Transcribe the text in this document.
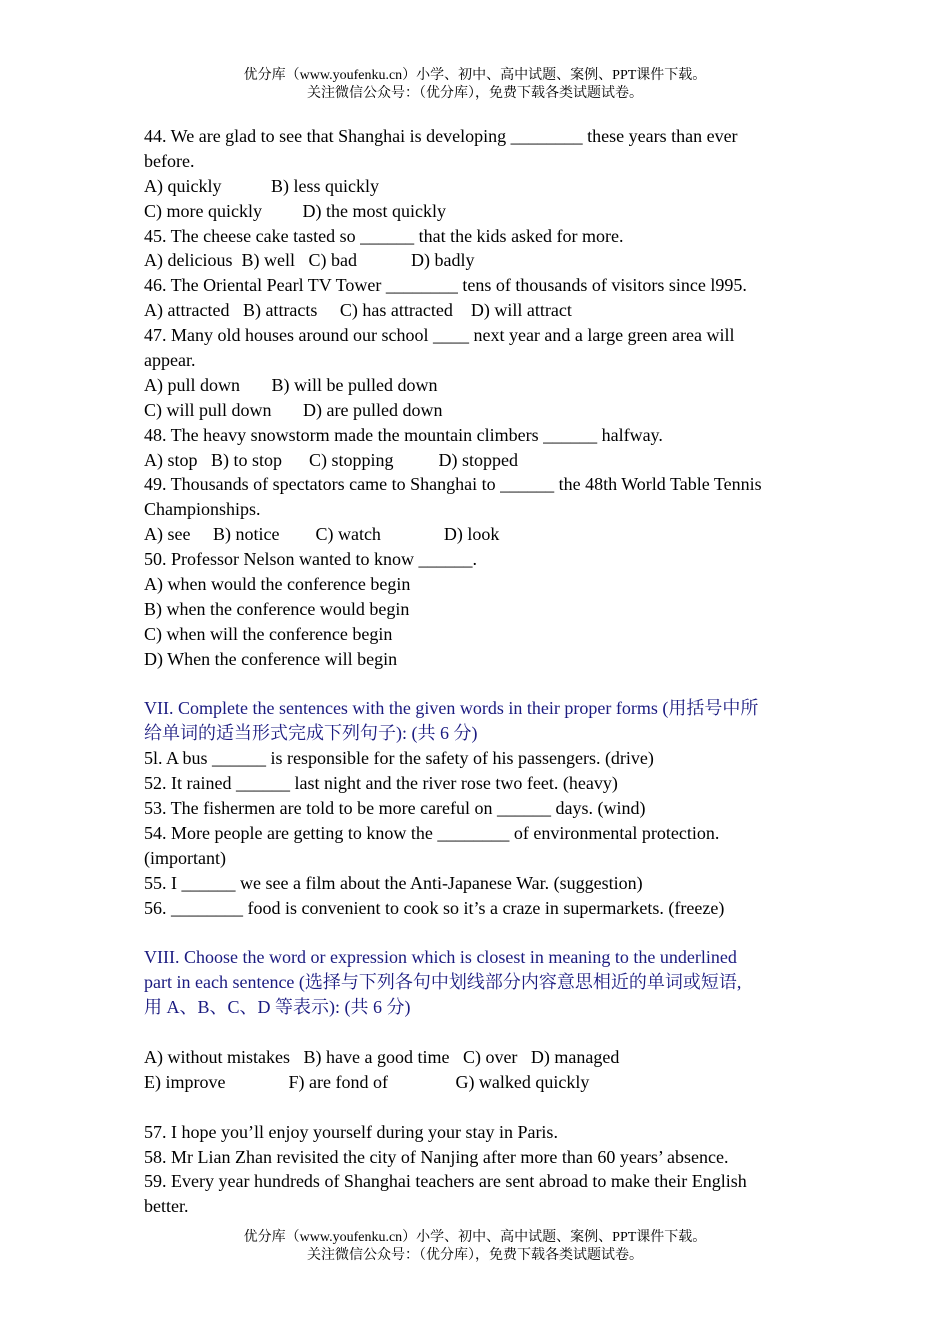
优分库（www.youfenku.cn）小学、初中、高中试题、案例、PPT课件下载。
关注微信公众号：（优分库），免费下载各类试题试卷。
44. We are glad to see that Shanghai is developing ________ these years than ever
before.
A) quickly           B) less quickly
C) more quickly         D) the most quickly
45. The cheese cake tasted so ______ that the kids asked for more.
A) delicious  B) well   C) bad            D) badly
46. The Oriental Pearl TV Tower ________ tens of thousands of visitors since l995.
A) attracted   B) attracts     C) has attracted    D) will attract
47. Many old houses around our school ____ next year and a large green area will
appear.
A) pull down       B) will be pulled down
C) will pull down       D) are pulled down
48. The heavy snowstorm made the mountain climbers ______ halfway.
A) stop   B) to stop      C) stopping          D) stopped
49. Thousands of spectators came to Shanghai to ______ the 48th World Table Tennis
Championships.
A) see     B) notice        C) watch              D) look
50. Professor Nelson wanted to know ______.
A) when would the conference begin
B) when the conference would begin
C) when will the conference begin
D) When the conference will begin
VII. Complete the sentences with the given words in their proper forms (用括号中所
给单词的适当形式完成下列句子): (共 6 分)
5l. A bus ______ is responsible for the safety of his passengers. (drive)
52. It rained ______ last night and the river rose two feet. (heavy)
53. The fishermen are told to be more careful on ______ days. (wind)
54. More people are getting to know the ________ of environmental protection.
(important)
55. I ______ we see a film about the Anti-Japanese War. (suggestion)
56. ________ food is convenient to cook so it’s a craze in supermarkets. (freeze)
VIII. Choose the word or expression which is closest in meaning to the underlined
part in each sentence (选择与下列各句中划线部分内容意思相近的单词或短语,
用 A、B、C、D 等表示): (共 6 分)
A) without mistakes   B) have a good time   C) over   D) managed
E) improve              F) are fond of               G) walked quickly
57. I hope you’ll enjoy yourself during your stay in Paris.
58. Mr Lian Zhan revisited the city of Nanjing after more than 60 years’ absence.
59. Every year hundreds of Shanghai teachers are sent abroad to make their English
better.
优分库（www.youfenku.cn）小学、初中、高中试题、案例、PPT课件下载。
关注微信公众号：（优分库），免费下载各类试题试卷。
